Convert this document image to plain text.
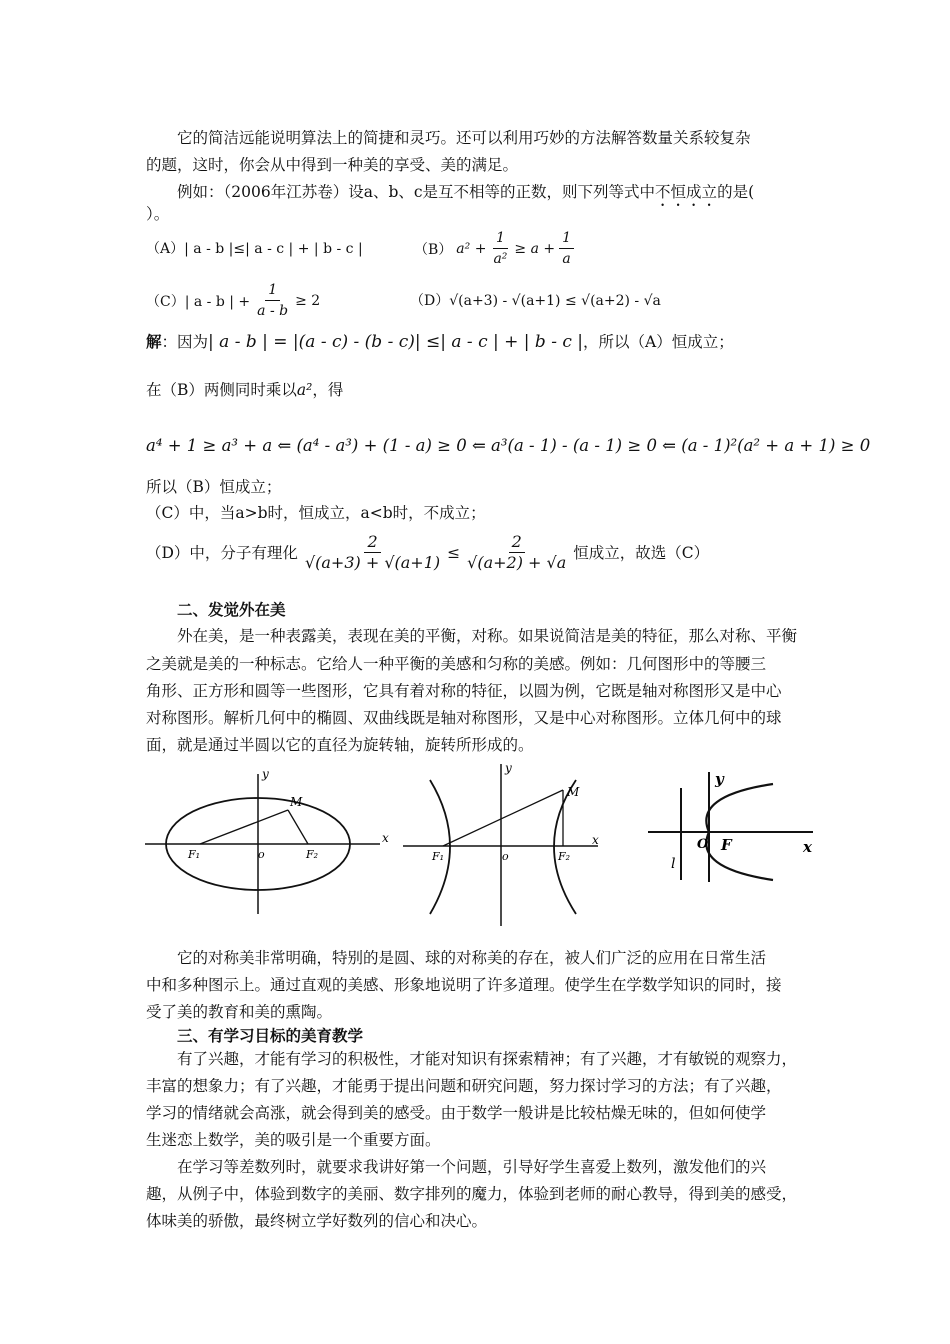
它的简洁远能说明算法上的简捷和灵巧。还可以利用巧妙的方法解答数量关系较复杂
的题，这时，你会从中得到一种美的享受、美的满足。
例如：（2006年江苏卷）设a、b、c是互不相等的正数，则下列等式中不恒成立的是(
）。
（A）| a - b |≤| a - c | + | b - c |	（B） $a^2 + \frac{1}{\text{a²}} \ge a + \frac{1}{a}$
（C）| a - b | + $\frac{1}{a - b} \ge 2$	（D）√(a+3) - √(a+1) ≤ √(a+2) - √a
解：因为| a - b | = |(a - c) - (b - c)| ≤| a - c | + | b - c |，所以（A）恒成立；
在（B）两侧同时乘以a²，得
a⁴ + 1 ≥ a³ + a ⇐ (a⁴ - a³) + (1 - a) ≥ 0 ⇐ a³(a - 1) - (a - 1) ≥ 0 ⇐ (a - 1)²(a² + a + 1) ≥ 0
所以（B）恒成立；
（C）中，当a>b时，恒成立，a<b时，不成立；
（D）中，分子有理化 $\frac{2}{√(a+3) + √(a+1)} \le \frac{2}{√(a+2) + √a}$ 恒成立，故选（C）
二、发觉外在美
外在美，是一种表露美，表现在美的平衡，对称。如果说简洁是美的特征，那么对称、平衡
之美就是美的一种标志。它给人一种平衡的美感和匀称的美感。例如：几何图形中的等腰三
角形、正方形和圆等一些图形，它具有着对称的特征，以圆为例，它既是轴对称图形又是中心
对称图形。解析几何中的椭圆、双曲线既是轴对称图形，又是中心对称图形。立体几何中的球
面，就是通过半圆以它的直径为旋转轴，旋转所形成的。
x
y
o
M
F₁	F₂
x
y
o
M
F₁	F₂
x
y
O F
l
它的对称美非常明确，特别的是圆、球的对称美的存在，被人们广泛的应用在日常生活
中和多种图示上。通过直观的美感、形象地说明了许多道理。使学生在学数学知识的同时，接
受了美的教育和美的熏陶。
三、有学习目标的美育教学
有了兴趣，才能有学习的积极性，才能对知识有探索精神；有了兴趣，才有敏锐的观察力，
丰富的想象力；有了兴趣，才能勇于提出问题和研究问题，努力探讨学习的方法；有了兴趣，
学习的情绪就会高涨，就会得到美的感受。由于数学一般讲是比较枯燥无味的，但如何使学
生迷恋上数学，美的吸引是一个重要方面。
在学习等差数列时，就要求我讲好第一个问题，引导好学生喜爱上数列，激发他们的兴
趣，从例子中，体验到数字的美丽、数字排列的魔力，体验到老师的耐心教导，得到美的感受，
体味美的骄傲，最终树立学好数列的信心和决心。
